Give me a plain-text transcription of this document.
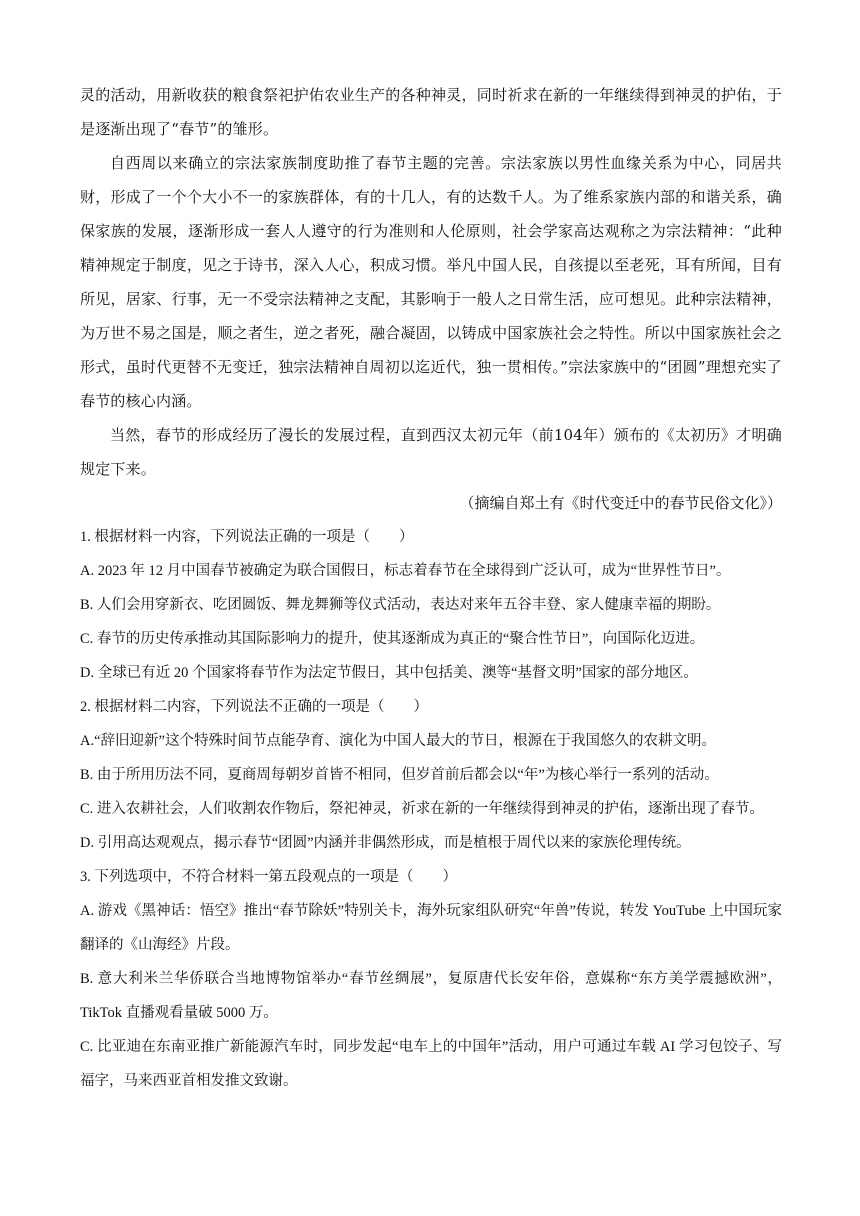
灵的活动，用新收获的粮食祭祀护佑农业生产的各种神灵，同时祈求在新的一年继续得到神灵的护佑，于是逐渐出现了“春节”的雏形。

自西周以来确立的宗法家族制度助推了春节主题的完善。宗法家族以男性血缘关系为中心，同居共财，形成了一个个大小不一的家族群体，有的十几人，有的达数千人。为了维系家族内部的和谐关系，确保家族的发展，逐渐形成一套人人遵守的行为准则和人伦原则，社会学家高达观称之为宗法精神：“此种精神规定于制度，见之于诗书，深入人心，积成习惯。举凡中国人民，自孩提以至老死，耳有所闻，目有所见，居家、行事，无一不受宗法精神之支配，其影响于一般人之日常生活，应可想见。此种宗法精神，为万世不易之国是，顺之者生，逆之者死，融合凝固，以铸成中国家族社会之特性。所以中国家族社会之形式，虽时代更替不无变迁，独宗法精神自周初以迄近代，独一贯相传。”宗法家族中的“团圆”理想充实了春节的核心内涵。

当然，春节的形成经历了漫长的发展过程，直到西汉太初元年（前104年）颁布的《太初历》才明确规定下来。

（摘编自郑土有《时代变迁中的春节民俗文化》）

1. 根据材料一内容，下列说法正确的一项是（　　）

A. 2023 年 12 月中国春节被确定为联合国假日，标志着春节在全球得到广泛认可，成为“世界性节日”。

B. 人们会用穿新衣、吃团圆饭、舞龙舞狮等仪式活动，表达对来年五谷丰登、家人健康幸福的期盼。

C. 春节的历史传承推动其国际影响力的提升，使其逐渐成为真正的“聚合性节日”，向国际化迈进。

D. 全球已有近 20 个国家将春节作为法定节假日，其中包括美、澳等“基督文明”国家的部分地区。

2. 根据材料二内容，下列说法不正确的一项是（　　）

A.“辞旧迎新”这个特殊时间节点能孕育、演化为中国人最大的节日，根源在于我国悠久的农耕文明。

B. 由于所用历法不同，夏商周每朝岁首皆不相同，但岁首前后都会以“年”为核心举行一系列的活动。

C. 进入农耕社会，人们收割农作物后，祭祀神灵，祈求在新的一年继续得到神灵的护佑，逐渐出现了春节。

D. 引用高达观观点，揭示春节“团圆”内涵并非偶然形成，而是植根于周代以来的家族伦理传统。

3. 下列选项中，不符合材料一第五段观点的一项是（　　）

A. 游戏《黑神话：悟空》推出“春节除妖”特别关卡，海外玩家组队研究“年兽”传说，转发 YouTube 上中国玩家翻译的《山海经》片段。

B. 意大利米兰华侨联合当地博物馆举办“春节丝绸展”，复原唐代长安年俗，意媒称“东方美学震撼欧洲”，TikTok 直播观看量破 5000 万。

C. 比亚迪在东南亚推广新能源汽车时，同步发起“电车上的中国年”活动，用户可通过车载 AI 学习包饺子、写福字，马来西亚首相发推文致谢。
